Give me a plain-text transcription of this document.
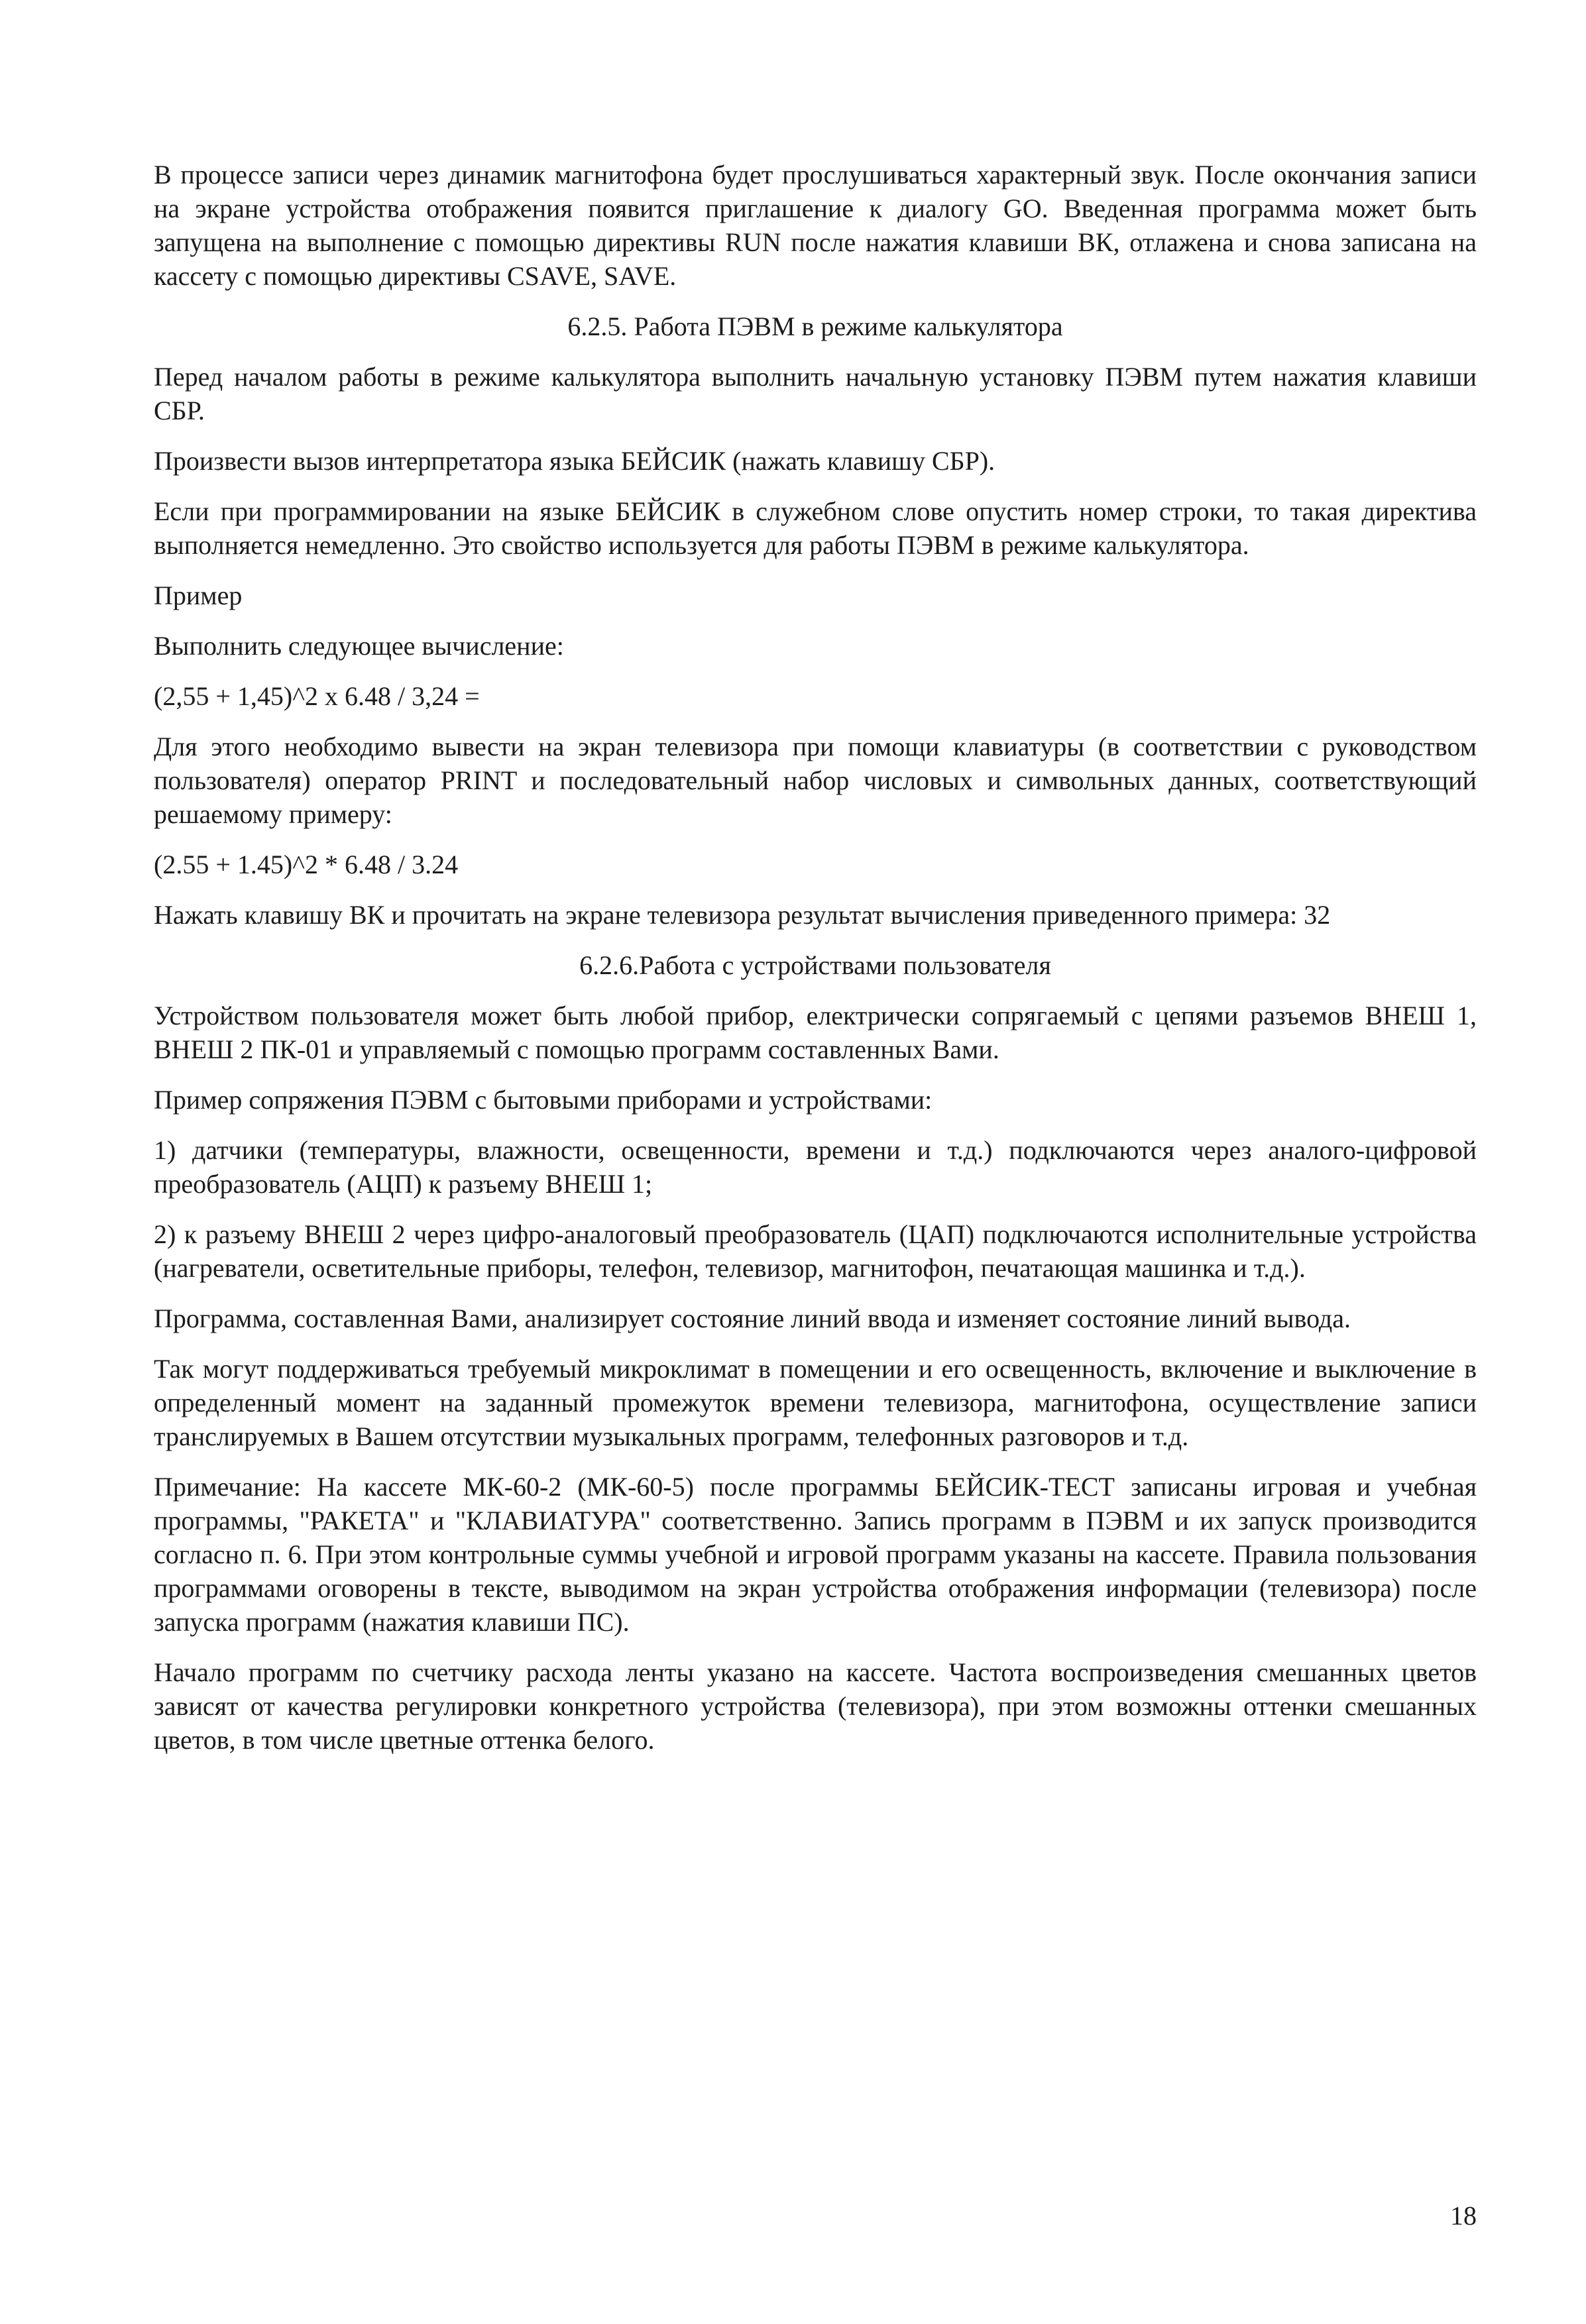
В процессе записи через динамик магнитофона будет прослушиваться характерный звук. После окончания записи на экране устройства отображения появится приглашение к диалогу GO. Введенная программа может быть запущена на выполнение с помощью директивы RUN после нажатия клавиши ВК, отлажена и снова записана на кассету с помощью директивы CSAVE, SAVE.

6.2.5. Работа ПЭВМ в режиме калькулятора

Перед началом работы в режиме калькулятора выполнить начальную установку ПЭВМ путем нажатия клавиши СБР.

Произвести вызов интерпретатора языка БЕЙСИК (нажать клавишу СБР).

Если при программировании на языке БЕЙСИК в служебном слове опустить номер строки, то такая директива выполняется немедленно. Это свойство используется для работы ПЭВМ в режиме калькулятора.

Пример

Выполнить следующее вычисление:

(2,55 + 1,45)^2 x 6.48 / 3,24 =

Для этого необходимо вывести на экран телевизора при помощи клавиатуры (в соответствии с руководством пользователя) оператор PRINT и последовательный набор числовых и символьных данных, соответствующий решаемому примеру:

(2.55 + 1.45)^2 * 6.48 / 3.24

Нажать клавишу ВК и прочитать на экране телевизора результат вычисления приведенного примера: 32

6.2.6.Работа с устройствами пользователя

Устройством пользователя может быть любой прибор, електрически сопрягаемый с цепями разъемов ВНЕШ 1, ВНЕШ 2 ПК-01 и управляемый с помощью программ составленных Вами.

Пример сопряжения ПЭВМ с бытовыми приборами и устройствами:

1) датчики (температуры, влажности, освещенности, времени и т.д.) подключаются через аналого-цифровой преобразователь (АЦП) к разъему ВНЕШ 1;

2) к разъему ВНЕШ 2 через цифро-аналоговый преобразователь (ЦАП) подключаются исполнительные устройства (нагреватели, осветительные приборы, телефон, телевизор, магнитофон, печатающая машинка и т.д.).

Программа, составленная Вами, анализирует состояние линий ввода и изменяет состояние линий вывода.

Так могут поддерживаться требуемый микроклимат в помещении и его освещенность, включение и выключение в определенный момент на заданный промежуток времени телевизора, магнитофона, осуществление записи транслируемых в Вашем отсутствии музыкальных программ, телефонных разговоров и т.д.

Примечание: На кассете МК-60-2 (МК-60-5) после программы БЕЙСИК-ТЕСТ записаны игровая и учебная программы, "РАКЕТА" и "КЛАВИАТУРА" соответственно. Запись программ в ПЭВМ и их запуск производится согласно п. 6. При этом контрольные суммы учебной и игровой программ указаны на кассете. Правила пользования программами оговорены в тексте, выводимом на экран устройства отображения информации (телевизора) после запуска программ (нажатия клавиши ПС).

Начало программ по счетчику расхода ленты указано на кассете. Частота воспроизведения смешанных цветов зависят от качества регулировки конкретного устройства (телевизора), при этом возможны оттенки смешанных цветов, в том числе цветные оттенка белого.

18
